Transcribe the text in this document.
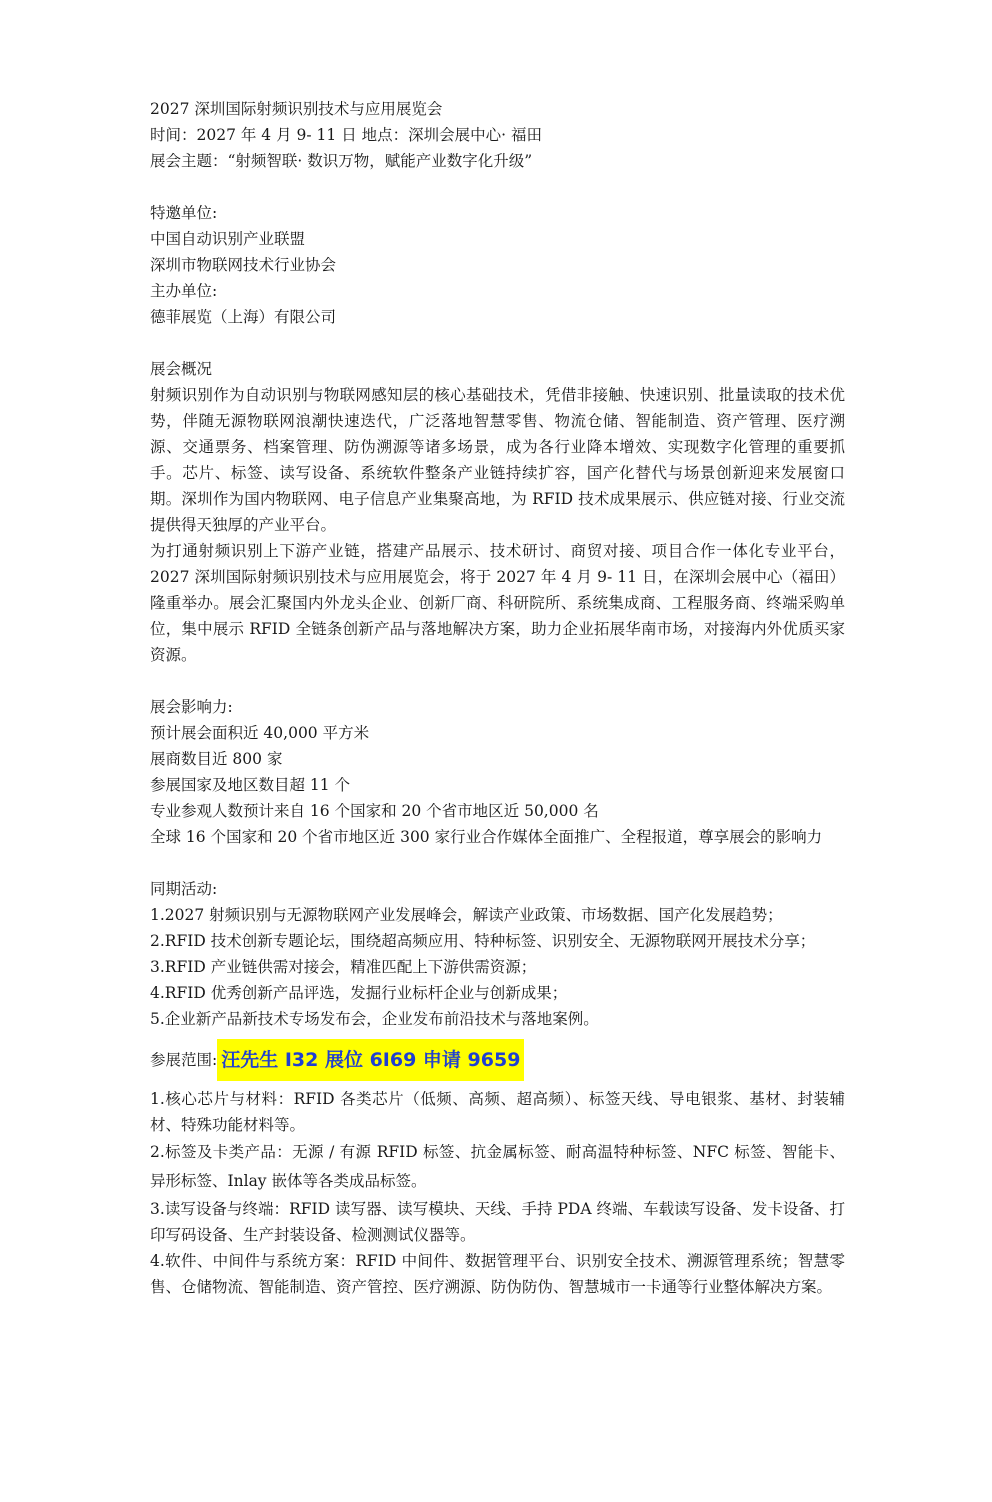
2027 深圳国际射频识别技术与应用展览会
时间：2027 年 4 月 9- 11 日 地点：深圳会展中心· 福田
展会主题：“射频智联· 数识万物，赋能产业数字化升级”
特邀单位:
中国自动识别产业联盟
深圳市物联网技术行业协会
主办单位:
德菲展览（上海）有限公司
展会概况
射频识别作为自动识别与物联网感知层的核心基础技术，凭借非接触、快速识别、批量读取的技术优势，伴随无源物联网浪潮快速迭代，广泛落地智慧零售、物流仓储、智能制造、资产管理、医疗溯源、交通票务、档案管理、防伪溯源等诸多场景，成为各行业降本增效、实现数字化管理的重要抓手。芯片、标签、读写设备、系统软件整条产业链持续扩容，国产化替代与场景创新迎来发展窗口期。深圳作为国内物联网、电子信息产业集聚高地，为 RFID 技术成果展示、供应链对接、行业交流提供得天独厚的产业平台。
为打通射频识别上下游产业链，搭建产品展示、技术研讨、商贸对接、项目合作一体化专业平台，2027 深圳国际射频识别技术与应用展览会，将于 2027 年 4 月 9- 11 日，在深圳会展中心（福田）隆重举办。展会汇聚国内外龙头企业、创新厂商、科研院所、系统集成商、工程服务商、终端采购单位，集中展示 RFID 全链条创新产品与落地解决方案，助力企业拓展华南市场，对接海内外优质买家资源。
展会影响力:
预计展会面积近 40,000 平方米
展商数目近 800 家
参展国家及地区数目超 11 个
专业参观人数预计来自 16 个国家和 20 个省市地区近 50,000 名
全球 16 个国家和 20 个省市地区近 300 家行业合作媒体全面推广、全程报道，尊享展会的影响力
同期活动:
1.2027 射频识别与无源物联网产业发展峰会，解读产业政策、市场数据、国产化发展趋势；
2.RFID 技术创新专题论坛，围绕超高频应用、特种标签、识别安全、无源物联网开展技术分享；
3.RFID 产业链供需对接会，精准匹配上下游供需资源；
4.RFID 优秀创新产品评选，发掘行业标杆企业与创新成果；
5.企业新产品新技术专场发布会，企业发布前沿技术与落地案例。
参展范围: 汪先生 I32 展位 6I69 申请 9659
1.核心芯片与材料：RFID 各类芯片（低频、高频、超高频）、标签天线、导电银浆、基材、封装辅材、特殊功能材料等。
2.标签及卡类产品：无源 / 有源 RFID 标签、抗金属标签、耐高温特种标签、NFC 标签、智能卡、异形标签、Inlay 嵌体等各类成品标签。
3.读写设备与终端：RFID 读写器、读写模块、天线、手持 PDA 终端、车载读写设备、发卡设备、打印写码设备、生产封装设备、检测测试仪器等。
4.软件、中间件与系统方案：RFID 中间件、数据管理平台、识别安全技术、溯源管理系统；智慧零售、仓储物流、智能制造、资产管控、医疗溯源、防伪防伪、智慧城市一卡通等行业整体解决方案。
